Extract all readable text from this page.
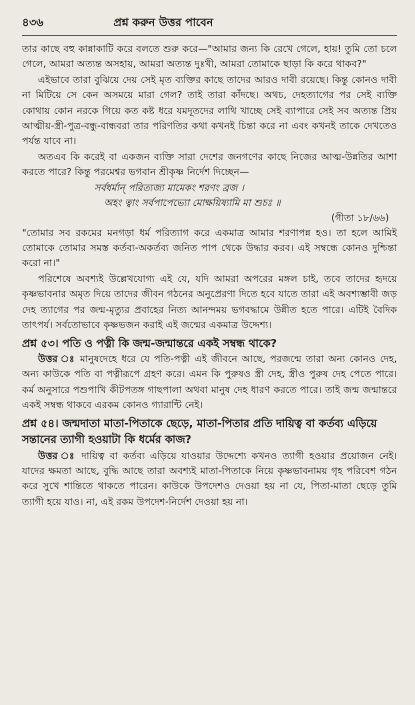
৪৩৬	প্রশ্ন করুন উত্তর পাবেন

তার কাছে বহু কান্নাকাটি করে বলতে শুরু করে—"আমার জন্য কি রেখে গেলে, হায়! তুমি তো চলে গেলে, আমরা অত্যন্ত অসহায়, আমরা অত্যন্ত দুঃখী, আমরা তোমাকে ছাড়া কি করে থাকব?"

এইভাবে তারা বুঝিয়ে দেয় সেই মৃত ব্যক্তির কাছে তাদের আরও দাবী রয়েছে। কিন্তু কোনও দাবী না মিটিয়ে সে কেন অসময়ে মারা গেল? তাই তারা কাঁদছে। অথচ, দেহত্যাগের পর সেই ব্যক্তি কোথায় কোন নরকে গিয়ে কত কষ্ট ধরে যমদূতদের লাথি খাচ্ছে সেই ব্যাপারে সেই সব অত্যন্ত প্রিয় আত্মীয়-স্ত্রী-পুত্র-বন্ধু-বান্ধবরা তার পরিণতির কথা কখনই চিন্তা করে না এবং কখনই তাকে দেখতেও পর্যন্ত যাবে না।

অতএব কি করেই বা একজন ব্যক্তি সারা দেশের জনগণের কাছে নিজের আত্ম-উন্নতির আশা করতে পারে? কিন্তু পরমেশ্বর ভগবান শ্রীকৃষ্ণ নির্দেশ দিচ্ছেন—

সর্বধর্মান্ পরিত্যজ্য মামেকং শরণং ব্রজ ।
অহং ত্বাং সর্বপাপেভ্যো মোক্ষয়িষ্যামি মা শুচঃ ॥
(গীতা ১৮/৬৬)

"তোমার সব রকমের মনগড়া ধর্ম পরিত্যাগ করে একমাত্র আমার শরণাপন্ন হও। তা হলে আমিই তোমাকে তোমার সমস্ত কর্তব্য-অকর্তব্য জনিত পাপ থেকে উদ্ধার করব। এই সম্বন্ধে কোনও দুশ্চিন্তা করো না।"

পরিশেষে অবশ্যই উল্লেখযোগ্য এই যে, যদি আমরা অপরের মঙ্গল চাই, তবে তাদের হৃদয়ে কৃষ্ণভাবনার অমৃত দিয়ে তাদের জীবন গঠনের অনুপ্রেরণা দিতে হবে যাতে তারা এই অবশ্যম্ভাবী জড় দেহ ত্যাগের পর জন্ম-মৃত্যুর প্রবাহের নিত্য আনন্দময় ভগবদ্ধামে উন্নীত হতে পারে। এটিই বৈদিক তাৎপর্য। সর্বতোভাবে কৃষ্ণভজন করাই এই জন্মের একমাত্র উদ্দেশ্য।

প্রশ্ন ৫৩। পতি ও পত্নী কি জন্ম-জন্মান্তরে একই সম্বন্ধ থাকে?

উত্তর ঃ মানুষদেহে ধরে যে পতি-পত্নী এই জীবনে আছে, পরজন্মে তারা অন্য কোনও দেহ, অন্য কাউকে পতি বা পত্নীরূপে গ্রহণ করে। এমন কি পুরুষও স্ত্রী দেহ, স্ত্রীও পুরুষ দেহ পেতে পারে। কর্ম অনুসারে পশুপাখি কীটপতঙ্গ গাছপালা অথবা মানুষ দেহ ধারণ করতে পারে। তাই জন্ম জন্মান্তরে একই সম্বন্ধ থাকবে এরকম কোনও গ্যারান্টি নেই।

প্রশ্ন ৫৪। জন্মদাতা মাতা-পিতাকে ছেড়ে, মাতা-পিতার প্রতি দায়িত্ব বা কর্তব্য এড়িয়ে সন্তানের ত্যাগী হওয়াটা কি ধর্মের কাজ?

উত্তর ঃ দায়িত্ব বা কর্তব্য এড়িয়ে যাওয়ার উদ্দেশ্যে কখনও ত্যাগী হওয়ার প্রয়োজন নেই। যাদের ক্ষমতা আছে, বুদ্ধি আছে তারা অবশ্যই মাতা-পিতাকে নিয়ে কৃষ্ণভাবনাময় গৃহ পরিবেশ গঠন করে সুখে শান্তিতে থাকতে পারেন। কাউকে উপদেশও দেওয়া হয় না যে, পিতা-মাতা ছেড়ে তুমি ত্যাগী হয়ে যাও। না, এই রকম উপদেশ-নির্দেশ দেওয়া হয় না।
